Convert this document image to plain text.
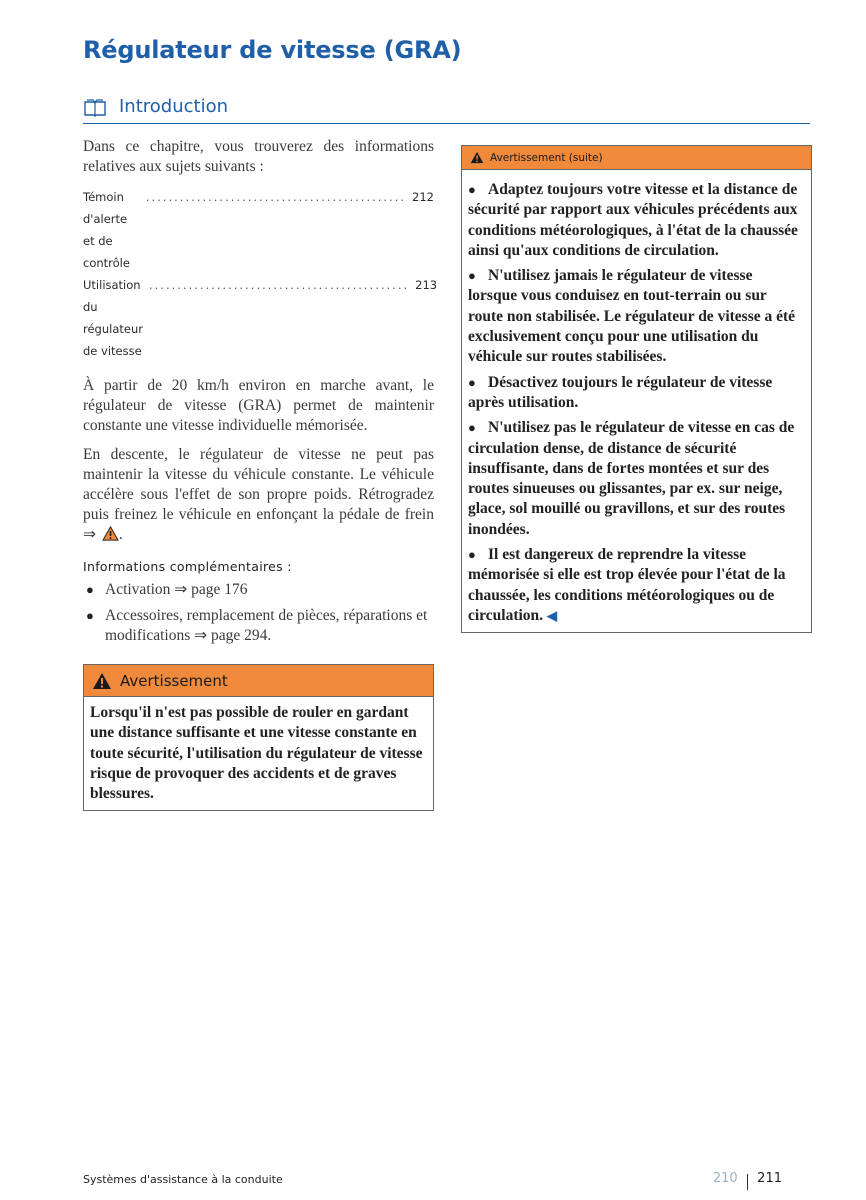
Régulateur de vitesse (GRA)
Introduction
Dans ce chapitre, vous trouverez des informations relatives aux sujets suivants :
Témoin d'alerte et de contrôle
.............................................. 212
Utilisation du régulateur de vitesse
.............................................. 213
À partir de 20 km/h environ en marche avant, le régulateur de vitesse (GRA) permet de maintenir constante une vitesse individuelle mémorisée.
En descente, le régulateur de vitesse ne peut pas maintenir la vitesse du véhicule constante. Le véhicule accélère sous l'effet de son propre poids. Rétrogradez puis freinez le véhicule en enfonçant la pédale de frein ⇒ .
Informations complémentaires :
● Activation ⇒ page 176
● Accessoires, remplacement de pièces, réparations et modifications ⇒ page 294.
Avertissement
Lorsqu'il n'est pas possible de rouler en gardant une distance suffisante et une vitesse constante en toute sécurité, l'utilisation du régulateur de vitesse risque de provoquer des accidents et de graves blessures.
Avertissement (suite)
● Adaptez toujours votre vitesse et la distance de sécurité par rapport aux véhicules précédents aux conditions météorologiques, à l'état de la chaussée ainsi qu'aux conditions de circulation.
● N'utilisez jamais le régulateur de vitesse lorsque vous conduisez en tout-terrain ou sur route non stabilisée. Le régulateur de vitesse a été exclusivement conçu pour une utilisation du véhicule sur routes stabilisées.
● Désactivez toujours le régulateur de vitesse après utilisation.
● N'utilisez pas le régulateur de vitesse en cas de circulation dense, de distance de sécurité insuffisante, dans de fortes montées et sur des routes sinueuses ou glissantes, par ex. sur neige, glace, sol mouillé ou gravillons, et sur des routes inondées.
● Il est dangereux de reprendre la vitesse mémorisée si elle est trop élevée pour l'état de la chaussée, les conditions météorologiques ou de circulation. ◀
Systèmes d'assistance à la conduite	210 211
